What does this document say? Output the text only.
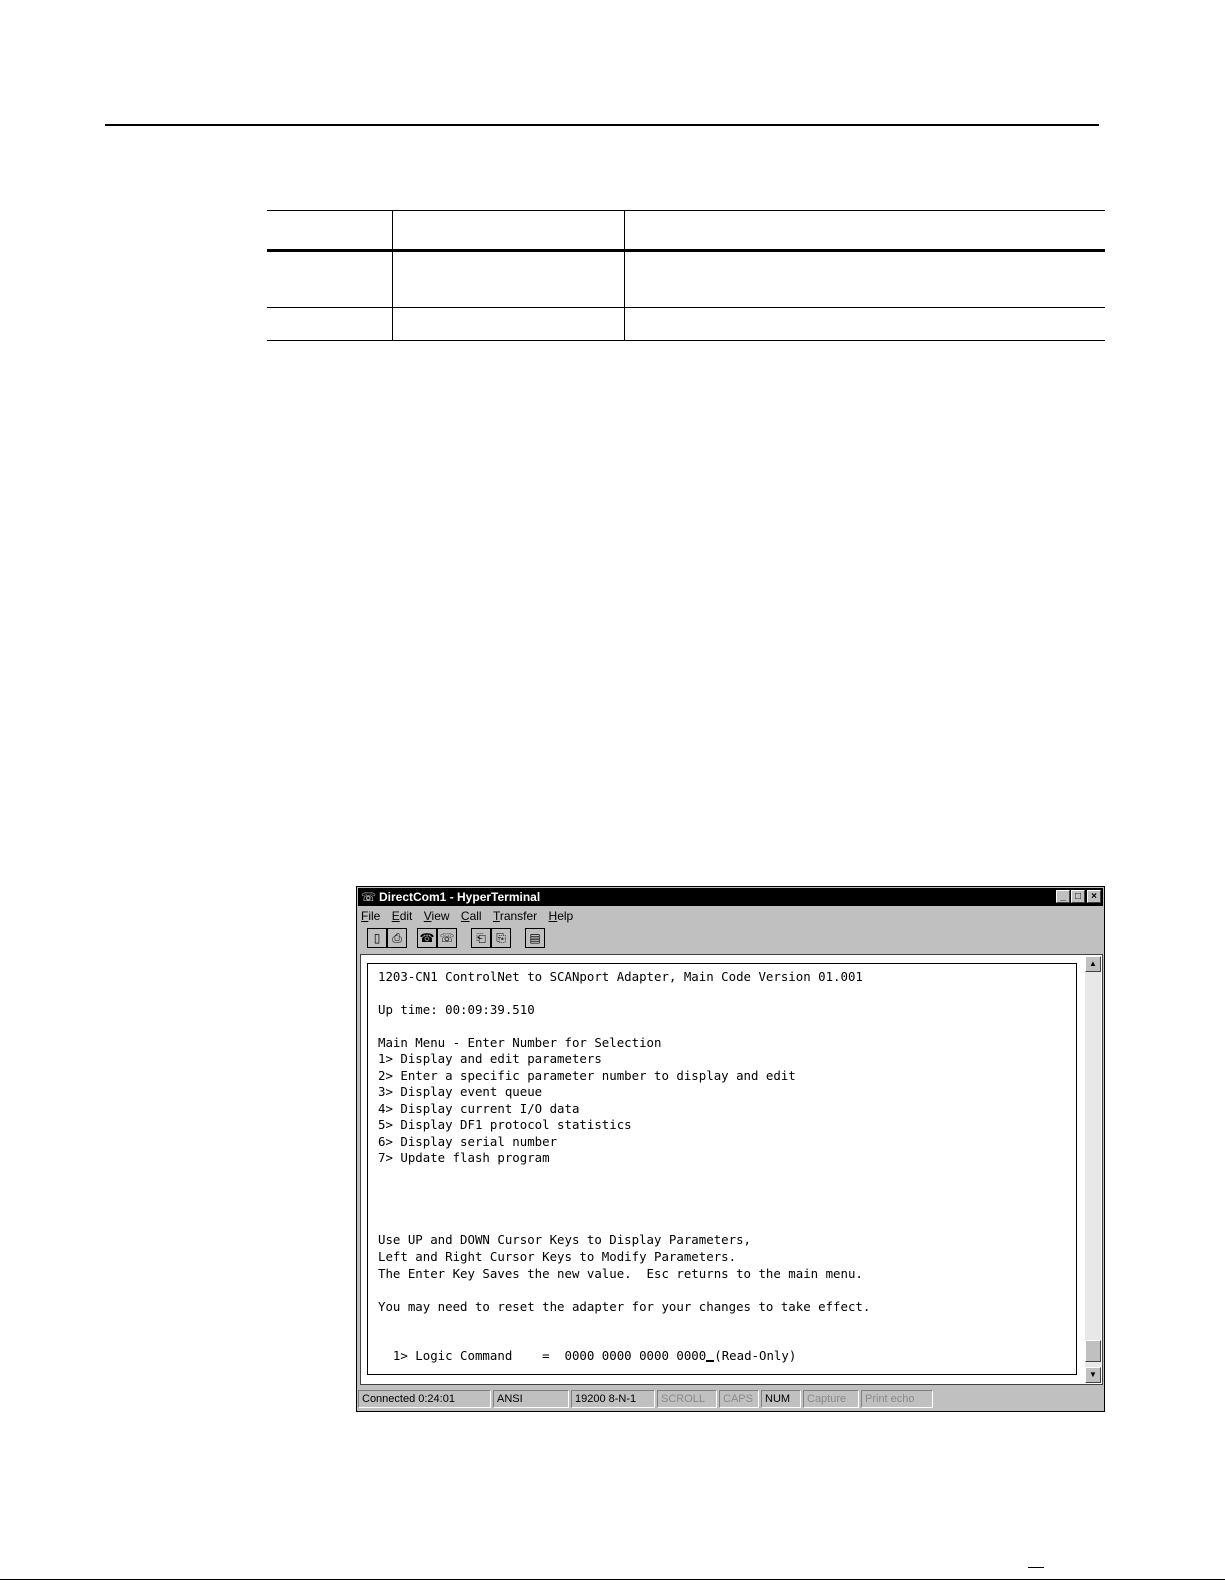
☏ DirectCom1 - HyperTerminal	_ □	×
File Edit View Call Transfer Help
▯ ⎙	☎ ☏	⎗ ⎘	▤
1203-CN1 ControlNet to SCANport Adapter, Main Code Version 01.001
Up time: 00:09:39.510
Main Menu - Enter Number for Selection
1> Display and edit parameters
2> Enter a specific parameter number to display and edit
3> Display event queue
4> Display current I/O data
5> Display DF1 protocol statistics
6> Display serial number
7> Update flash program
Use UP and DOWN Cursor Keys to Display Parameters,
Left and Right Cursor Keys to Modify Parameters.
The Enter Key Saves the new value.  Esc returns to the main menu.
You may need to reset the adapter for your changes to take effect.
1> Logic Command    =  0000 0000 0000 0000 (Read-Only)
▲
▼
Connected 0:24:01	ANSI	19200 8-N-1	SCROLL	CAPS	NUM	Capture	Print echo
